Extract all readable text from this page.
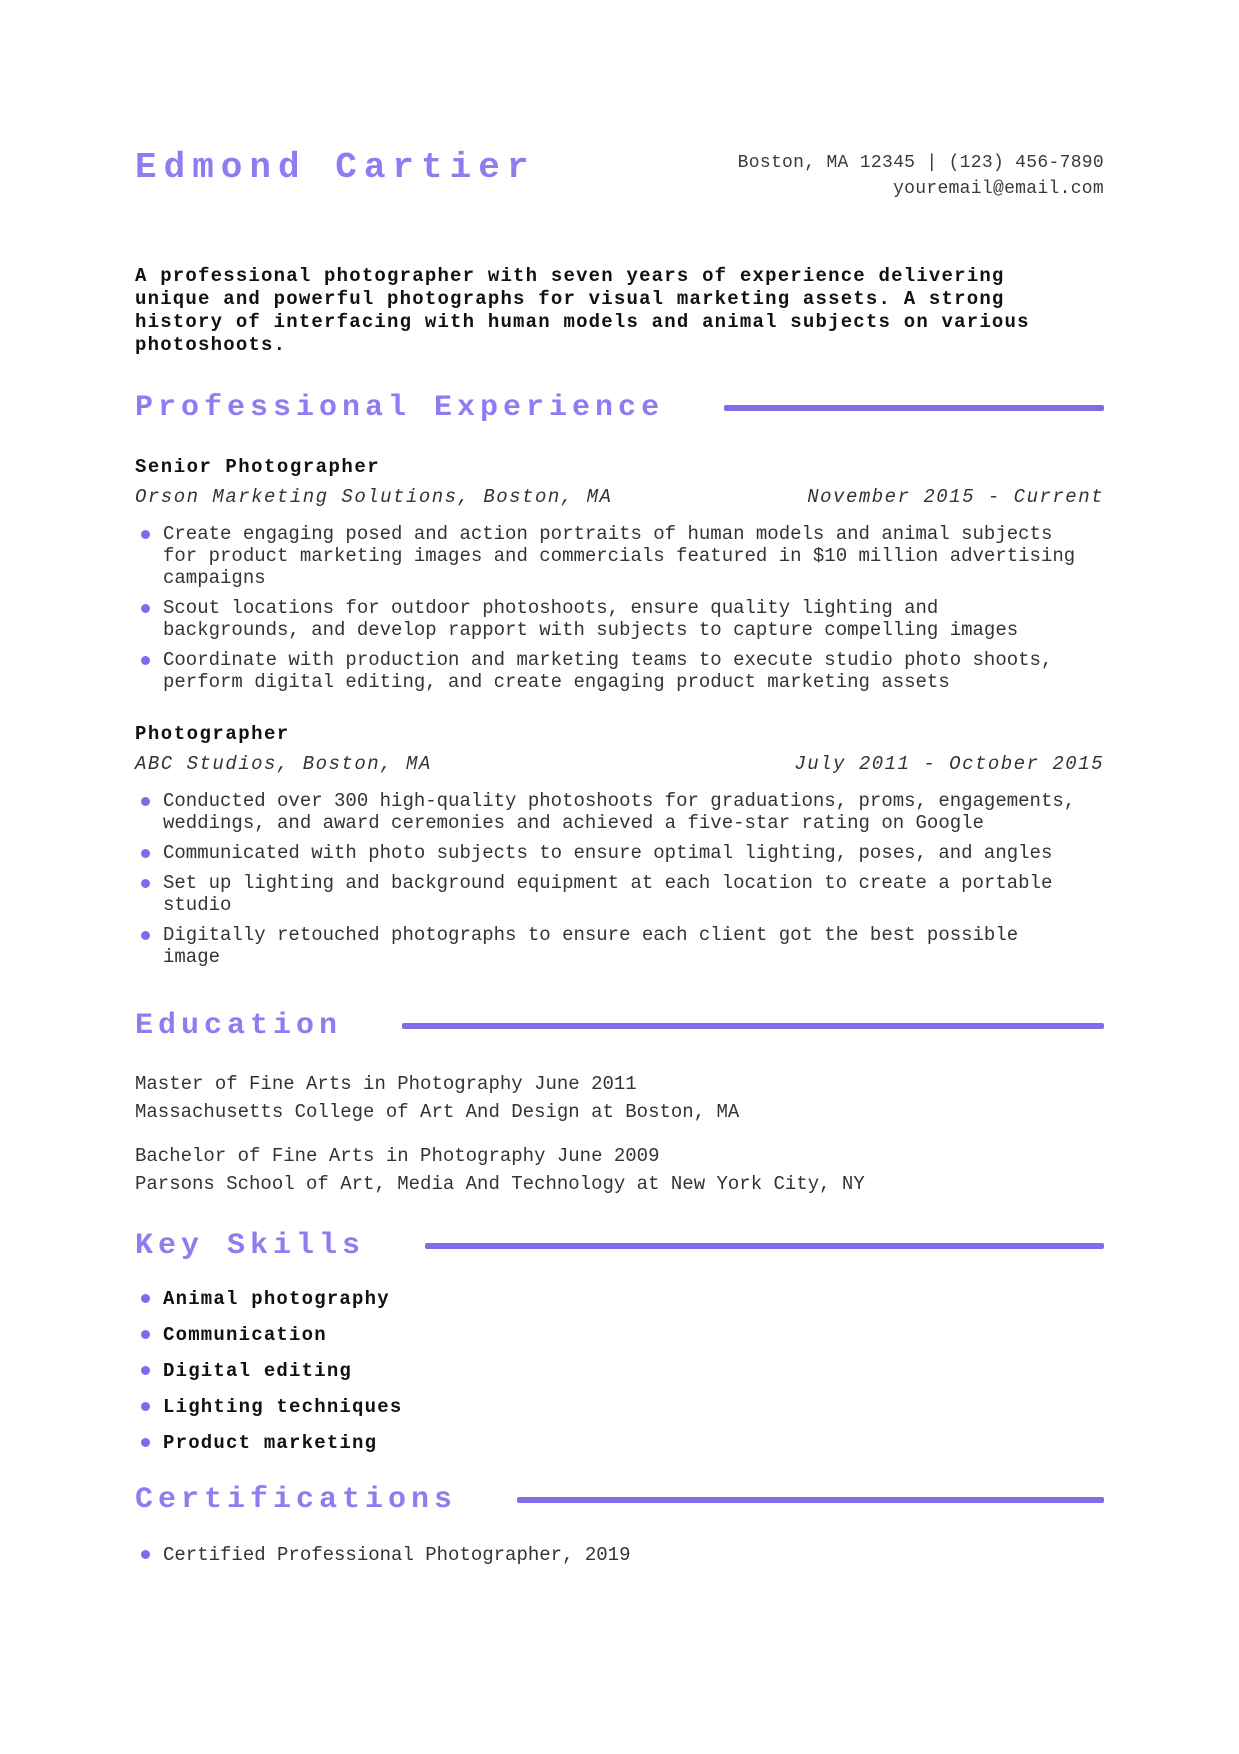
Edmond Cartier	Boston, MA 12345 | (123) 456-7890
youremail@email.com

A professional photographer with seven years of experience delivering unique and powerful photographs for visual marketing assets. A strong history of interfacing with human models and animal subjects on various photoshoots.

Professional Experience
Senior Photographer
Orson Marketing Solutions, Boston, MA	November 2015 - Current
Create engaging posed and action portraits of human models and animal subjects for product marketing images and commercials featured in $10 million advertising campaigns
Scout locations for outdoor photoshoots, ensure quality lighting and backgrounds, and develop rapport with subjects to capture compelling images
Coordinate with production and marketing teams to execute studio photo shoots, perform digital editing, and create engaging product marketing assets
Photographer
ABC Studios, Boston, MA	July 2011 - October 2015
Conducted over 300 high-quality photoshoots for graduations, proms, engagements, weddings, and award ceremonies and achieved a five-star rating on Google
Communicated with photo subjects to ensure optimal lighting, poses, and angles
Set up lighting and background equipment at each location to create a portable studio
Digitally retouched photographs to ensure each client got the best possible image
Education
Master of Fine Arts in Photography June 2011
Massachusetts College of Art And Design at Boston, MA
Bachelor of Fine Arts in Photography June 2009
Parsons School of Art, Media And Technology at New York City, NY
Key Skills
Animal photography
Communication
Digital editing
Lighting techniques
Product marketing
Certifications
Certified Professional Photographer, 2019
